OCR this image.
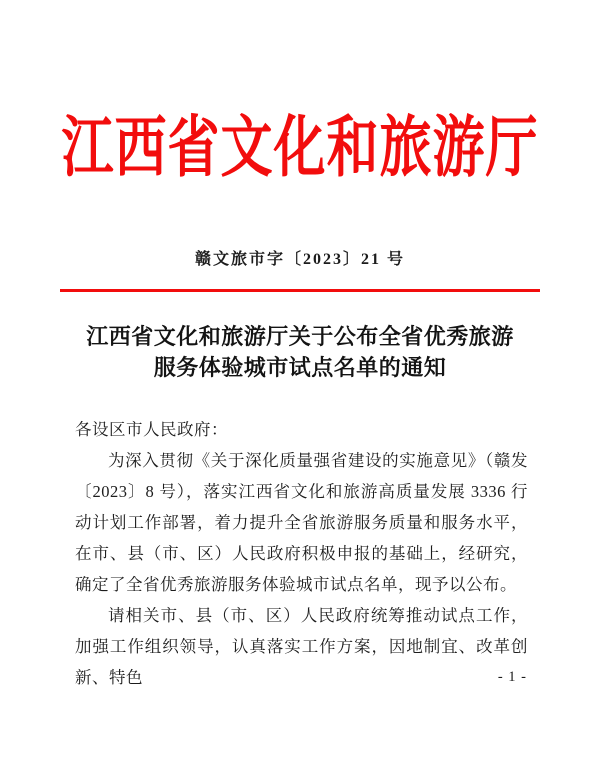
江西省文化和旅游厅
赣文旅市字〔2023〕21 号
江西省文化和旅游厅关于公布全省优秀旅游
服务体验城市试点名单的通知

各设区市人民政府：

为深入贯彻《关于深化质量强省建设的实施意见》（赣发〔2023〕8 号），落实江西省文化和旅游高质量发展 3336 行动计划工作部署，着力提升全省旅游服务质量和服务水平，在市、县（市、区）人民政府积极申报的基础上，经研究，确定了全省优秀旅游服务体验城市试点名单，现予以公布。

请相关市、县（市、区）人民政府统筹推动试点工作，加强工作组织领导，认真落实工作方案，因地制宜、改革创新、特色	- 1 -
